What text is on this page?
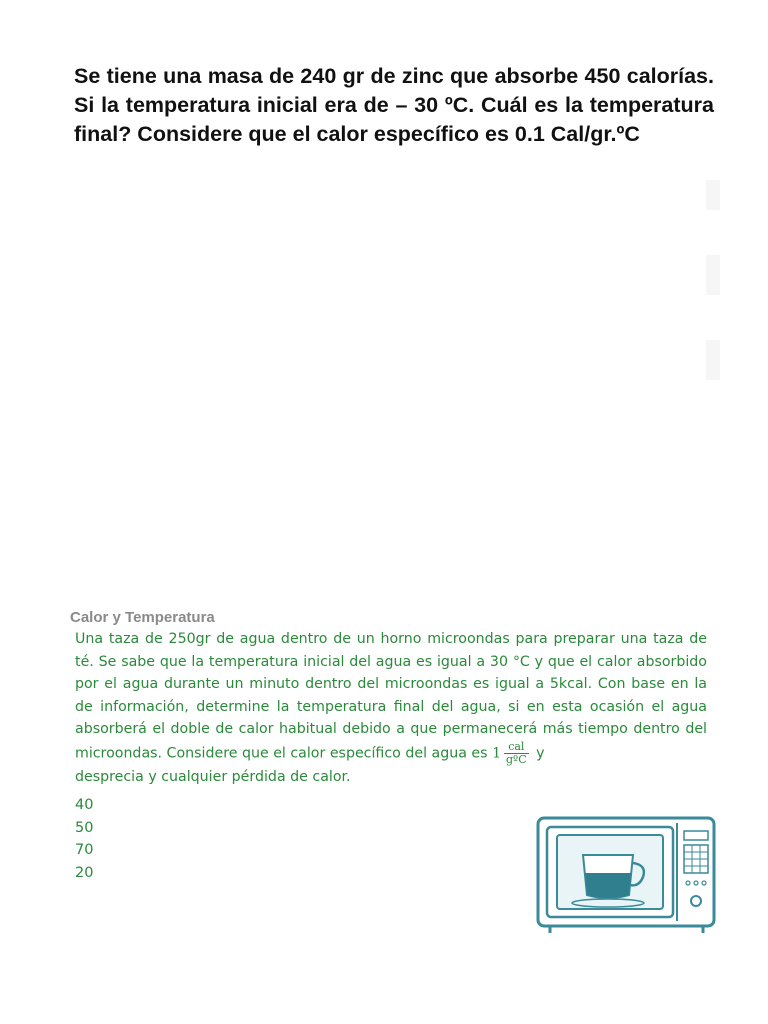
Se tiene una masa de 240 gr de zinc que absorbe 450 calorías. Si la temperatura inicial era de – 30 ºC. Cuál es la temperatura final? Considere que el calor específico es 0.1 Cal/gr.ºC
Calor y Temperatura
Una taza de 250gr de agua dentro de un horno microondas para preparar una taza de té. Se sabe que la temperatura inicial del agua es igual a 30 °C y que el calor absorbido por el agua durante un minuto dentro del microondas es igual a 5kcal. Con base en la de información, determine la temperatura final del agua, si en esta ocasión el agua absorberá el doble de calor habitual debido a que permanecerá más tiempo dentro del microondas. Considere que el calor específico del agua es $1 \frac{\text{cal}}{\text{gºC}}$ y
desprecia y cualquier pérdida de calor.
40
50
70
20
